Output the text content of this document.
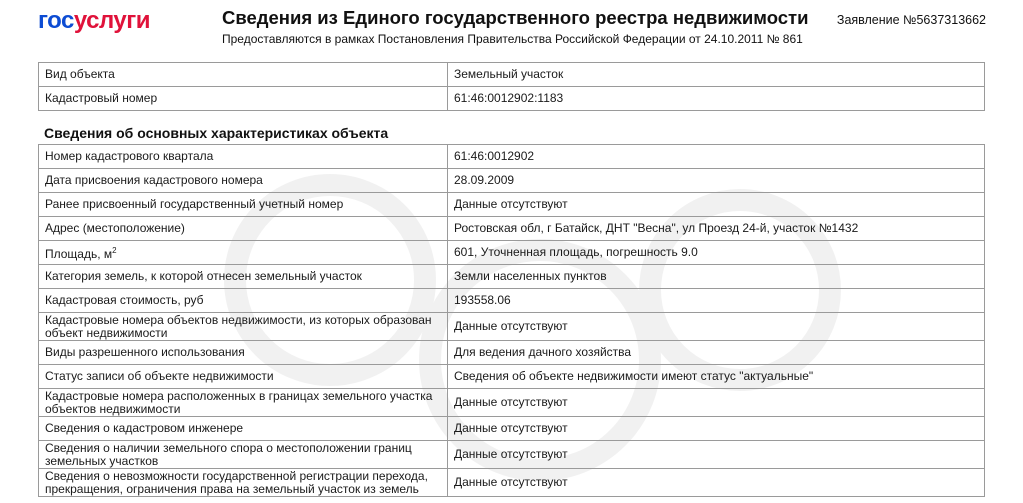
госуслуги	Сведения из Единого государственного реестра недвижимости
Предоставляются в рамках Постановления Правительства Российской Федерации от 24.10.2011 № 861
Заявление №5637313662
Вид объекта	Земельный участок
Кадастровый номер	61:46:0012902:1183
Сведения об основных характеристиках объекта
Номер кадастрового квартала	61:46:0012902
Дата присвоения кадастрового номера	28.09.2009
Ранее присвоенный государственный учетный номер	Данные отсутствуют
Адрес (местоположение)	Ростовская обл, г Батайск, ДНТ "Весна", ул Проезд 24-й, участок №1432
Площадь, $м^2$	601, Уточненная площадь, погрешность 9.0
Категория земель, к которой отнесен земельный участок	Земли населенных пунктов
Кадастровая стоимость, руб	193558.06
Кадастровые номера объектов недвижимости, из которых образован объект недвижимости	Данные отсутствуют
Виды разрешенного использования	Для ведения дачного хозяйства
Статус записи об объекте недвижимости	Сведения об объекте недвижимости имеют статус "актуальные"
Кадастровые номера расположенных в границах земельного участка объектов недвижимости	Данные отсутствуют
Сведения о кадастровом инженере	Данные отсутствуют
Сведения о наличии земельного спора о местоположении границ земельных участков	Данные отсутствуют
Сведения о невозможности государственной регистрации перехода, прекращения, ограничения права на земельный участок из земель	Данные отсутствуют
